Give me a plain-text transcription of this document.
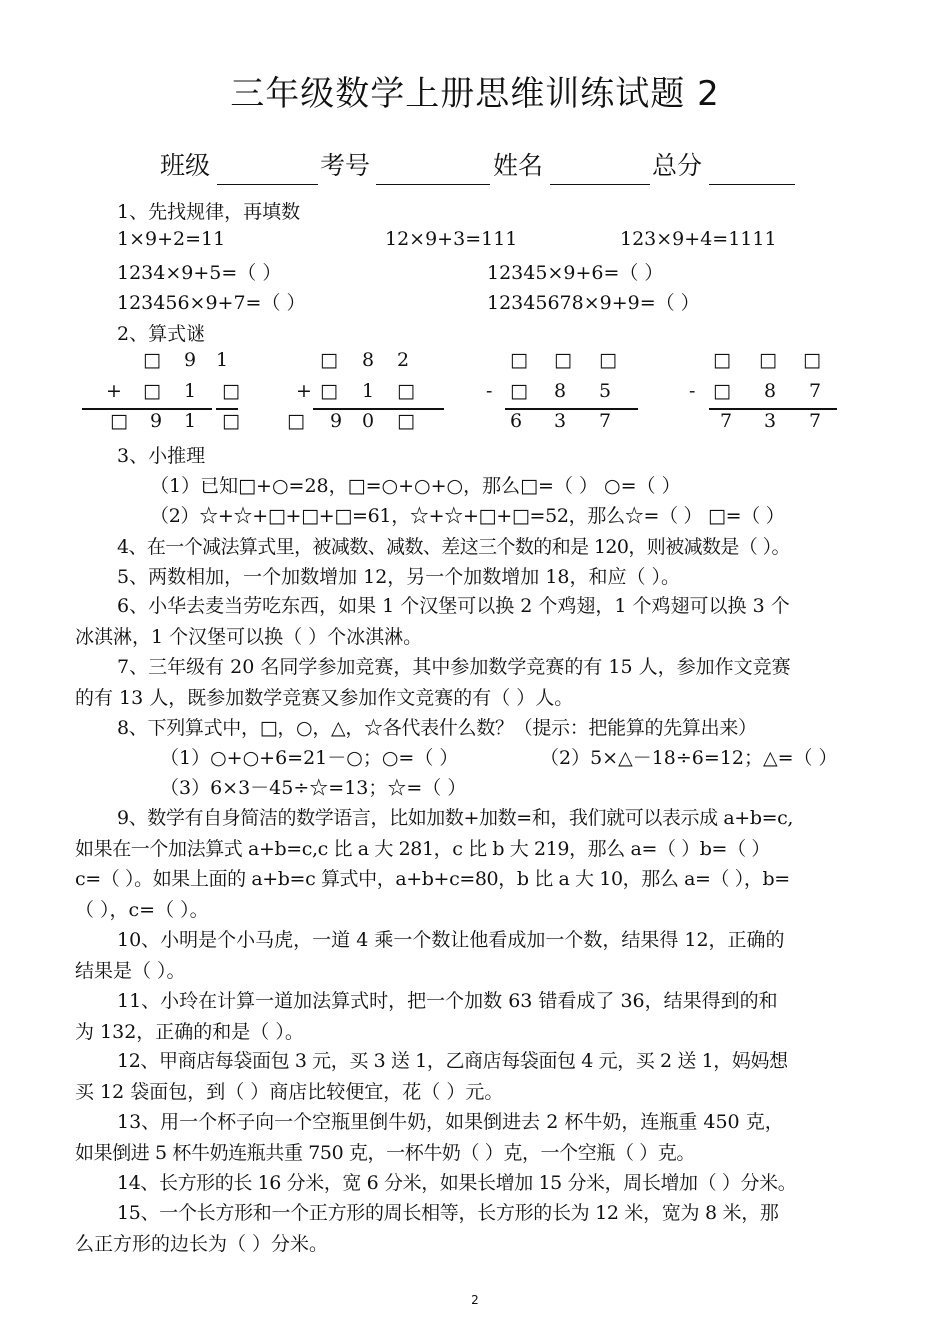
三年级数学上册思维训练试题 2
班级	考号	姓名	总分
1、先找规律，再填数
1×9+2=11	12×9+3=111	123×9+4=1111
1234×9+5=（ ）	12345×9+6=（ ）
123456×9+7=（ ）	12345678×9+9=（ ）
2、算式谜
□ 9 1
+ □ 1 □
□ 9 1 □
□ 8 2
+ □ 1 □
□ 9 0 □
□ □ □
- □ 8 5
6 3 7
□ □ □
- □ 8 7
7 3 7
3、小推理
（1）已知□+○=28，□=○+○+○，那么□=（ ） ○=（ ）
（2）☆+☆+□+□+□=61，☆+☆+□+□=52，那么☆=（ ） □=（ ）
4、在一个减法算式里，被减数、减数、差这三个数的和是 120，则被减数是（ ）。
5、两数相加，一个加数增加 12，另一个加数增加 18，和应（ ）。
6、小华去麦当劳吃东西，如果 1 个汉堡可以换 2 个鸡翅，1 个鸡翅可以换 3 个
冰淇淋，1 个汉堡可以换（ ）个冰淇淋。
7、三年级有 20 名同学参加竞赛，其中参加数学竞赛的有 15 人，参加作文竞赛
的有 13 人，既参加数学竞赛又参加作文竞赛的有（ ）人。
8、下列算式中，□，○，△，☆各代表什么数？（提示：把能算的先算出来）
（1）○+○+6=21－○；○=（ ）	（2）5×△－18÷6=12；△=（ ）
（3）6×3－45÷☆=13；☆=（ ）
9、数学有自身简洁的数学语言，比如加数+加数=和，我们就可以表示成 a+b=c,
如果在一个加法算式 a+b=c,c 比 a 大 281，c 比 b 大 219，那么 a=（ ）b=（ ）
c=（ ）。如果上面的 a+b=c 算式中，a+b+c=80，b 比 a 大 10，那么 a=（ ），b=
（ ），c=（ ）。
10、小明是个小马虎，一道 4 乘一个数让他看成加一个数，结果得 12，正确的
结果是（ ）。
11、小玲在计算一道加法算式时，把一个加数 63 错看成了 36，结果得到的和
为 132，正确的和是（ ）。
12、甲商店每袋面包 3 元，买 3 送 1，乙商店每袋面包 4 元，买 2 送 1，妈妈想
买 12 袋面包，到（ ）商店比较便宜，花（ ）元。
13、用一个杯子向一个空瓶里倒牛奶，如果倒进去 2 杯牛奶，连瓶重 450 克，
如果倒进 5 杯牛奶连瓶共重 750 克，一杯牛奶（ ）克，一个空瓶（ ）克。
14、长方形的长 16 分米，宽 6 分米，如果长增加 15 分米，周长增加（ ）分米。
15、一个长方形和一个正方形的周长相等，长方形的长为 12 米，宽为 8 米，那
么正方形的边长为（ ）分米。
2
